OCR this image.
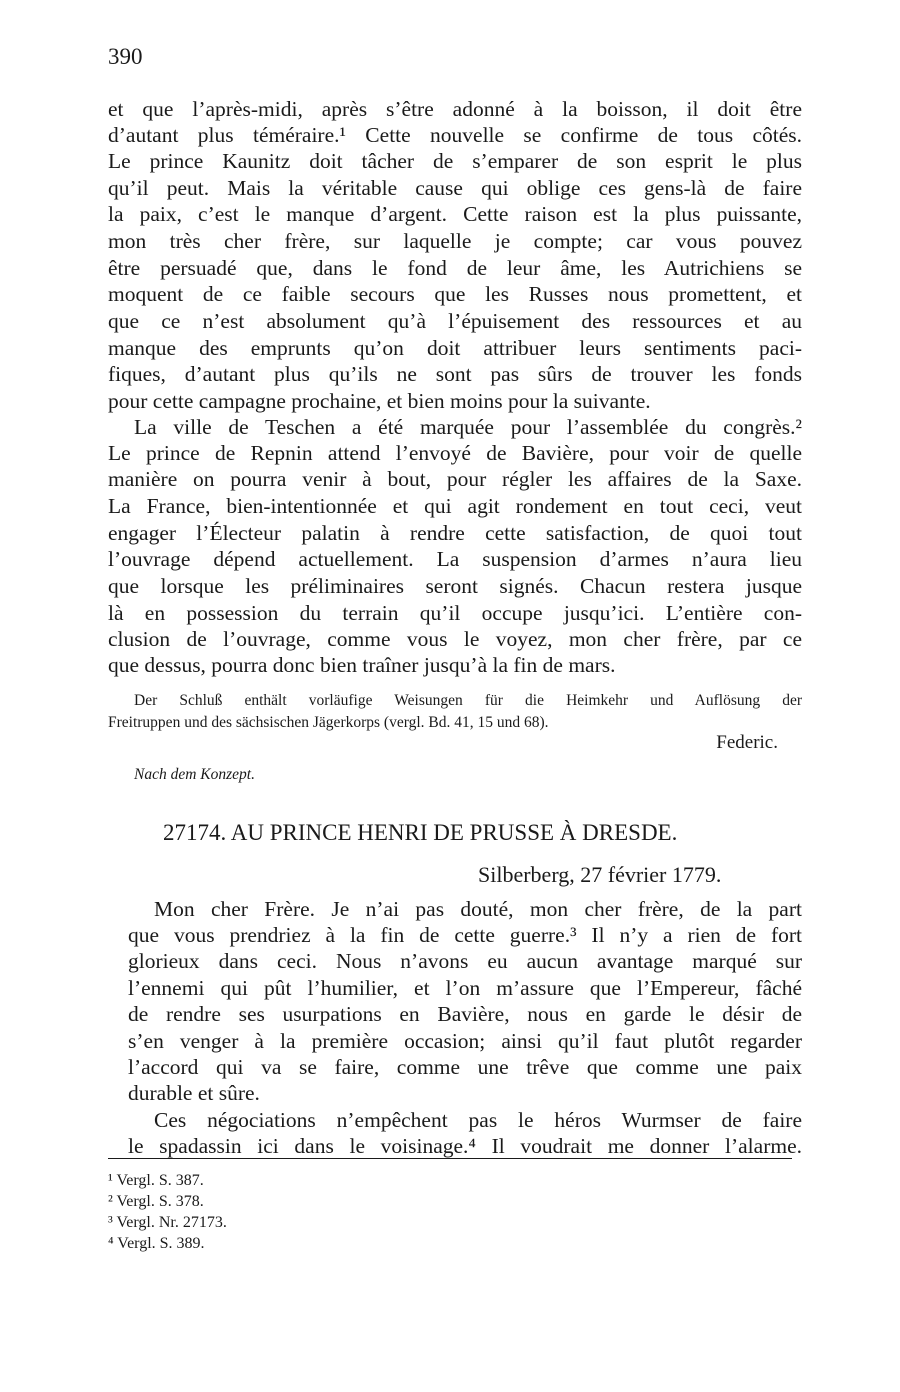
390
et que l’après-midi, après s’être adonné à la boisson, il doit être
d’autant plus téméraire.¹ Cette nouvelle se confirme de tous côtés.
Le prince Kaunitz doit tâcher de s’emparer de son esprit le plus
qu’il peut. Mais la véritable cause qui oblige ces gens-là de faire
la paix, c’est le manque d’argent. Cette raison est la plus puissante,
mon très cher frère, sur laquelle je compte; car vous pouvez
être persuadé que, dans le fond de leur âme, les Autrichiens se
moquent de ce faible secours que les Russes nous promettent, et
que ce n’est absolument qu’à l’épuisement des ressources et au
manque des emprunts qu’on doit attribuer leurs sentiments paci-
fiques, d’autant plus qu’ils ne sont pas sûrs de trouver les fonds
pour cette campagne prochaine, et bien moins pour la suivante.
La ville de Teschen a été marquée pour l’assemblée du congrès.²
Le prince de Repnin attend l’envoyé de Bavière, pour voir de quelle
manière on pourra venir à bout, pour régler les affaires de la Saxe.
La France, bien-intentionnée et qui agit rondement en tout ceci, veut
engager l’Électeur palatin à rendre cette satisfaction, de quoi tout
l’ouvrage dépend actuellement. La suspension d’armes n’aura lieu
que lorsque les préliminaires seront signés. Chacun restera jusque
là en possession du terrain qu’il occupe jusqu’ici. L’entière con-
clusion de l’ouvrage, comme vous le voyez, mon cher frère, par ce
que dessus, pourra donc bien traîner jusqu’à la fin de mars.
Der Schluß enthält vorläufige Weisungen für die Heimkehr und Auflösung der
Freitruppen und des sächsischen Jägerkorps (vergl. Bd. 41, 15 und 68).
Federic.
Nach dem Konzept.
27174. AU PRINCE HENRI DE PRUSSE À DRESDE.
Silberberg, 27 février 1779.
Mon cher Frère. Je n’ai pas douté, mon cher frère, de la part
que vous prendriez à la fin de cette guerre.³ Il n’y a rien de fort
glorieux dans ceci. Nous n’avons eu aucun avantage marqué sur
l’ennemi qui pût l’humilier, et l’on m’assure que l’Empereur, fâché
de rendre ses usurpations en Bavière, nous en garde le désir de
s’en venger à la première occasion; ainsi qu’il faut plutôt regarder
l’accord qui va se faire, comme une trêve que comme une paix
durable et sûre.
Ces négociations n’empêchent pas le héros Wurmser de faire
le spadassin ici dans le voisinage.⁴ Il voudrait me donner l’alarme.
¹ Vergl. S. 387.
² Vergl. S. 378.
³ Vergl. Nr. 27173.
⁴ Vergl. S. 389.
